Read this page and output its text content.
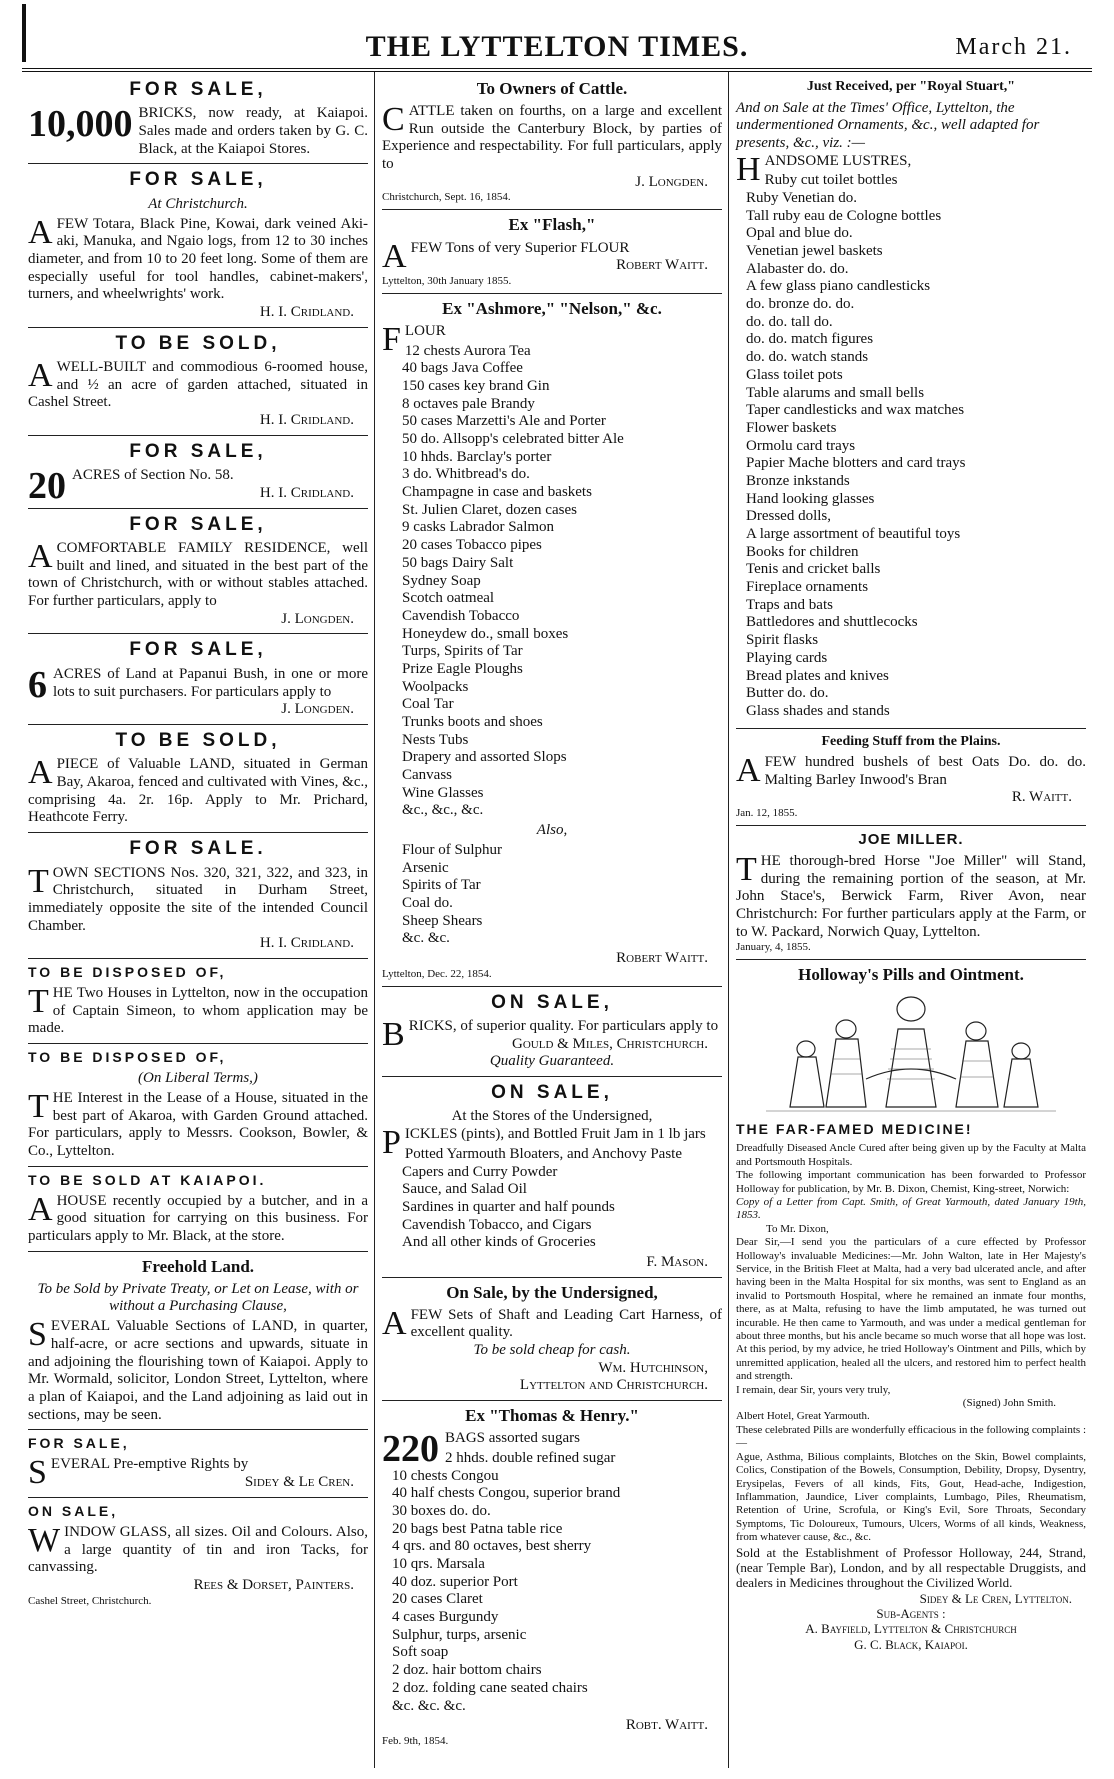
THE LYTTELTON TIMES.	March 21.
FOR SALE,
10,000 BRICKS, now ready, at Kaiapoi. Sales made and orders taken by G. C. Black, at the Kaiapoi Stores.
FOR SALE,
At Christchurch.
A FEW Totara, Black Pine, Kowai, dark veined Aki-aki, Manuka, and Ngaio logs, from 12 to 30 inches diameter, and from 10 to 20 feet long. Some of them are especially useful for tool handles, cabinet-makers', turners, and wheelwrights' work.
H. I. Cridland.
TO BE SOLD,
A WELL-BUILT and commodious 6-roomed house, and ½ an acre of garden attached, situated in Cashel Street.
H. I. Cridland.
FOR SALE,
20 ACRES of Section No. 58.
H. I. Cridland.
FOR SALE,
A COMFORTABLE FAMILY RESIDENCE, well built and lined, and situated in the best part of the town of Christchurch, with or without stables attached. For further particulars, apply to
J. Longden.
FOR SALE,
6 ACRES of Land at Papanui Bush, in one or more lots to suit purchasers. For particulars apply to
J. Longden.
TO BE SOLD,
A PIECE of Valuable LAND, situated in German Bay, Akaroa, fenced and cultivated with Vines, &c., comprising 4a. 2r. 16p. Apply to Mr. Prichard, Heathcote Ferry.
FOR SALE.
T OWN SECTIONS Nos. 320, 321, 322, and 323, in Christchurch, situated in Durham Street, immediately opposite the site of the intended Council Chamber.
H. I. Cridland.
TO BE DISPOSED OF,
T HE Two Houses in Lyttelton, now in the occupation of Captain Simeon, to whom application may be made.
TO BE DISPOSED OF,
(On Liberal Terms,)
T HE Interest in the Lease of a House, situated in the best part of Akaroa, with Garden Ground attached. For particulars, apply to Messrs. Cookson, Bowler, & Co., Lyttelton.
TO BE SOLD AT KAIAPOI.
A HOUSE recently occupied by a butcher, and in a good situation for carrying on this business. For particulars apply to Mr. Black, at the store.
Freehold Land.
To be Sold by Private Treaty, or Let on Lease, with or without a Purchasing Clause,
S EVERAL Valuable Sections of LAND, in quarter, half-acre, or acre sections and upwards, situate in and adjoining the flourishing town of Kaiapoi. Apply to Mr. Wormald, solicitor, London Street, Lyttelton, where a plan of Kaiapoi, and the Land adjoining as laid out in sections, may be seen.
FOR SALE,
S EVERAL Pre-emptive Rights by
Sidey & Le Cren.
ON SALE,
W INDOW GLASS, all sizes. Oil and Colours. Also, a large quantity of tin and iron Tacks, for canvassing.
Rees & Dorset, Painters.
Cashel Street, Christchurch.
To Owners of Cattle.
C ATTLE taken on fourths, on a large and excellent Run outside the Canterbury Block, by parties of Experience and respectability. For full particulars, apply to
J. Longden.
Christchurch, Sept. 16, 1854.
Ex "Flash,"
A FEW Tons of very Superior FLOUR
Robert Waitt.
Lyttelton, 30th January 1855.
Ex "Ashmore," "Nelson," &c.
F LOUR
12 chests Aurora Tea
40 bags Java Coffee
150 cases key brand Gin
8 octaves pale Brandy
50 cases Marzetti's Ale and Porter
50 do. Allsopp's celebrated bitter Ale
10 hhds. Barclay's porter
3 do. Whitbread's do.
Champagne in case and baskets
St. Julien Claret, dozen cases
9 casks Labrador Salmon
20 cases Tobacco pipes
50 bags Dairy Salt
Sydney Soap
Scotch oatmeal
Cavendish Tobacco
Honeydew do., small boxes
Turps, Spirits of Tar
Prize Eagle Ploughs
Woolpacks
Coal Tar
Trunks boots and shoes
Nests Tubs
Drapery and assorted Slops
Canvass
Wine Glasses
&c., &c., &c.
Also,
Flour of Sulphur
Arsenic
Spirits of Tar
Coal do.
Sheep Shears
&c. &c.
Robert Waitt.
Lyttelton, Dec. 22, 1854.
ON SALE,
B RICKS, of superior quality. For particulars apply to
Gould & Miles, Christchurch.
Quality Guaranteed.
ON SALE,
At the Stores of the Undersigned,
P ICKLES (pints), and Bottled Fruit Jam in 1 lb jars
Potted Yarmouth Bloaters, and Anchovy Paste
Capers and Curry Powder
Sauce, and Salad Oil
Sardines in quarter and half pounds
Cavendish Tobacco, and Cigars
And all other kinds of Groceries
F. Mason.
On Sale, by the Undersigned,
A FEW Sets of Shaft and Leading Cart Harness, of excellent quality.
To be sold cheap for cash.
Wm. Hutchinson,
Lyttelton and Christchurch.
Ex "Thomas & Henry."
220 BAGS assorted sugars
2 hhds. double refined sugar
10 chests Congou
40 half chests Congou, superior brand
30 boxes do. do.
20 bags best Patna table rice
4 qrs. and 80 octaves, best sherry
10 qrs. Marsala
40 doz. superior Port
20 cases Claret
4 cases Burgundy
Sulphur, turps, arsenic
Soft soap
2 doz. hair bottom chairs
2 doz. folding cane seated chairs
&c. &c. &c.
Robt. Waitt.
Feb. 9th, 1854.
Just Received, per "Royal Stuart,"
And on Sale at the Times' Office, Lyttelton, the undermentioned Ornaments, &c., well adapted for presents, &c., viz. :—
H ANDSOME LUSTRES,
Ruby cut toilet bottles
Ruby Venetian do.
Tall ruby eau de Cologne bottles
Opal and blue do.
Venetian jewel baskets
Alabaster do. do.
A few glass piano candlesticks
do. bronze do. do.
do. do. tall do.
do. do. match figures
do. do. watch stands
Glass toilet pots
Table alarums and small bells
Taper candlesticks and wax matches
Flower baskets
Ormolu card trays
Papier Mache blotters and card trays
Bronze inkstands
Hand looking glasses
Dressed dolls,
A large assortment of beautiful toys
Books for children
Tenis and cricket balls
Fireplace ornaments
Traps and bats
Battledores and shuttlecocks
Spirit flasks
Playing cards
Bread plates and knives
Butter do. do.
Glass shades and stands
Feeding Stuff from the Plains.
A FEW hundred bushels of best Oats Do. do. do. Malting Barley Inwood's Bran
R. Waitt.
Jan. 12, 1855.
JOE MILLER.
T HE thorough-bred Horse "Joe Miller" will Stand, during the remaining portion of the season, at Mr. John Stace's, Berwick Farm, River Avon, near Christchurch: For further particulars apply at the Farm, or to W. Packard, Norwich Quay, Lyttelton.
January, 4, 1855.
Holloway's Pills and Ointment.
THE FAR-FAMED MEDICINE!
Dreadfully Diseased Ancle Cured after being given up by the Faculty at Malta and Portsmouth Hospitals.
The following important communication has been forwarded to Professor Holloway for publication, by Mr. B. Dixon, Chemist, King-street, Norwich:
Copy of a Letter from Capt. Smith, of Great Yarmouth, dated January 19th, 1853.
To Mr. Dixon,
Dear Sir,—I send you the particulars of a cure effected by Professor Holloway's invaluable Medicines:—Mr. John Walton, late in Her Majesty's Service, in the British Fleet at Malta, had a very bad ulcerated ancle, and after having been in the Malta Hospital for six months, was sent to England as an invalid to Portsmouth Hospital, where he remained an inmate four months, there, as at Malta, refusing to have the limb amputated, he was turned out incurable. He then came to Yarmouth, and was under a medical gentleman for about three months, but his ancle became so much worse that all hope was lost. At this period, by my advice, he tried Holloway's Ointment and Pills, which by unremitted application, healed all the ulcers, and restored him to perfect health and strength.
I remain, dear Sir, yours very truly,
(Signed) John Smith.
Albert Hotel, Great Yarmouth.
These celebrated Pills are wonderfully efficacious in the following complaints :—
Ague, Asthma, Bilious complaints, Blotches on the Skin, Bowel complaints, Colics, Constipation of the Bowels, Consumption, Debility, Dropsy, Dysentry, Erysipelas, Fevers of all kinds, Fits, Gout, Head-ache, Indigestion, Inflammation, Jaundice, Liver complaints, Lumbago, Piles, Rheumatism, Retention of Urine, Scrofula, or King's Evil, Sore Throats, Secondary Symptoms, Tic Doloureux, Tumours, Ulcers, Worms of all kinds, Weakness, from whatever cause, &c., &c.
Sold at the Establishment of Professor Holloway, 244, Strand, (near Temple Bar), London, and by all respectable Druggists, and dealers in Medicines throughout the Civilized World.
Sidey & Le Cren, Lyttelton.
Sub-Agents :
A. Bayfield, Lyttelton & Christchurch
G. C. Black, Kaiapoi.
